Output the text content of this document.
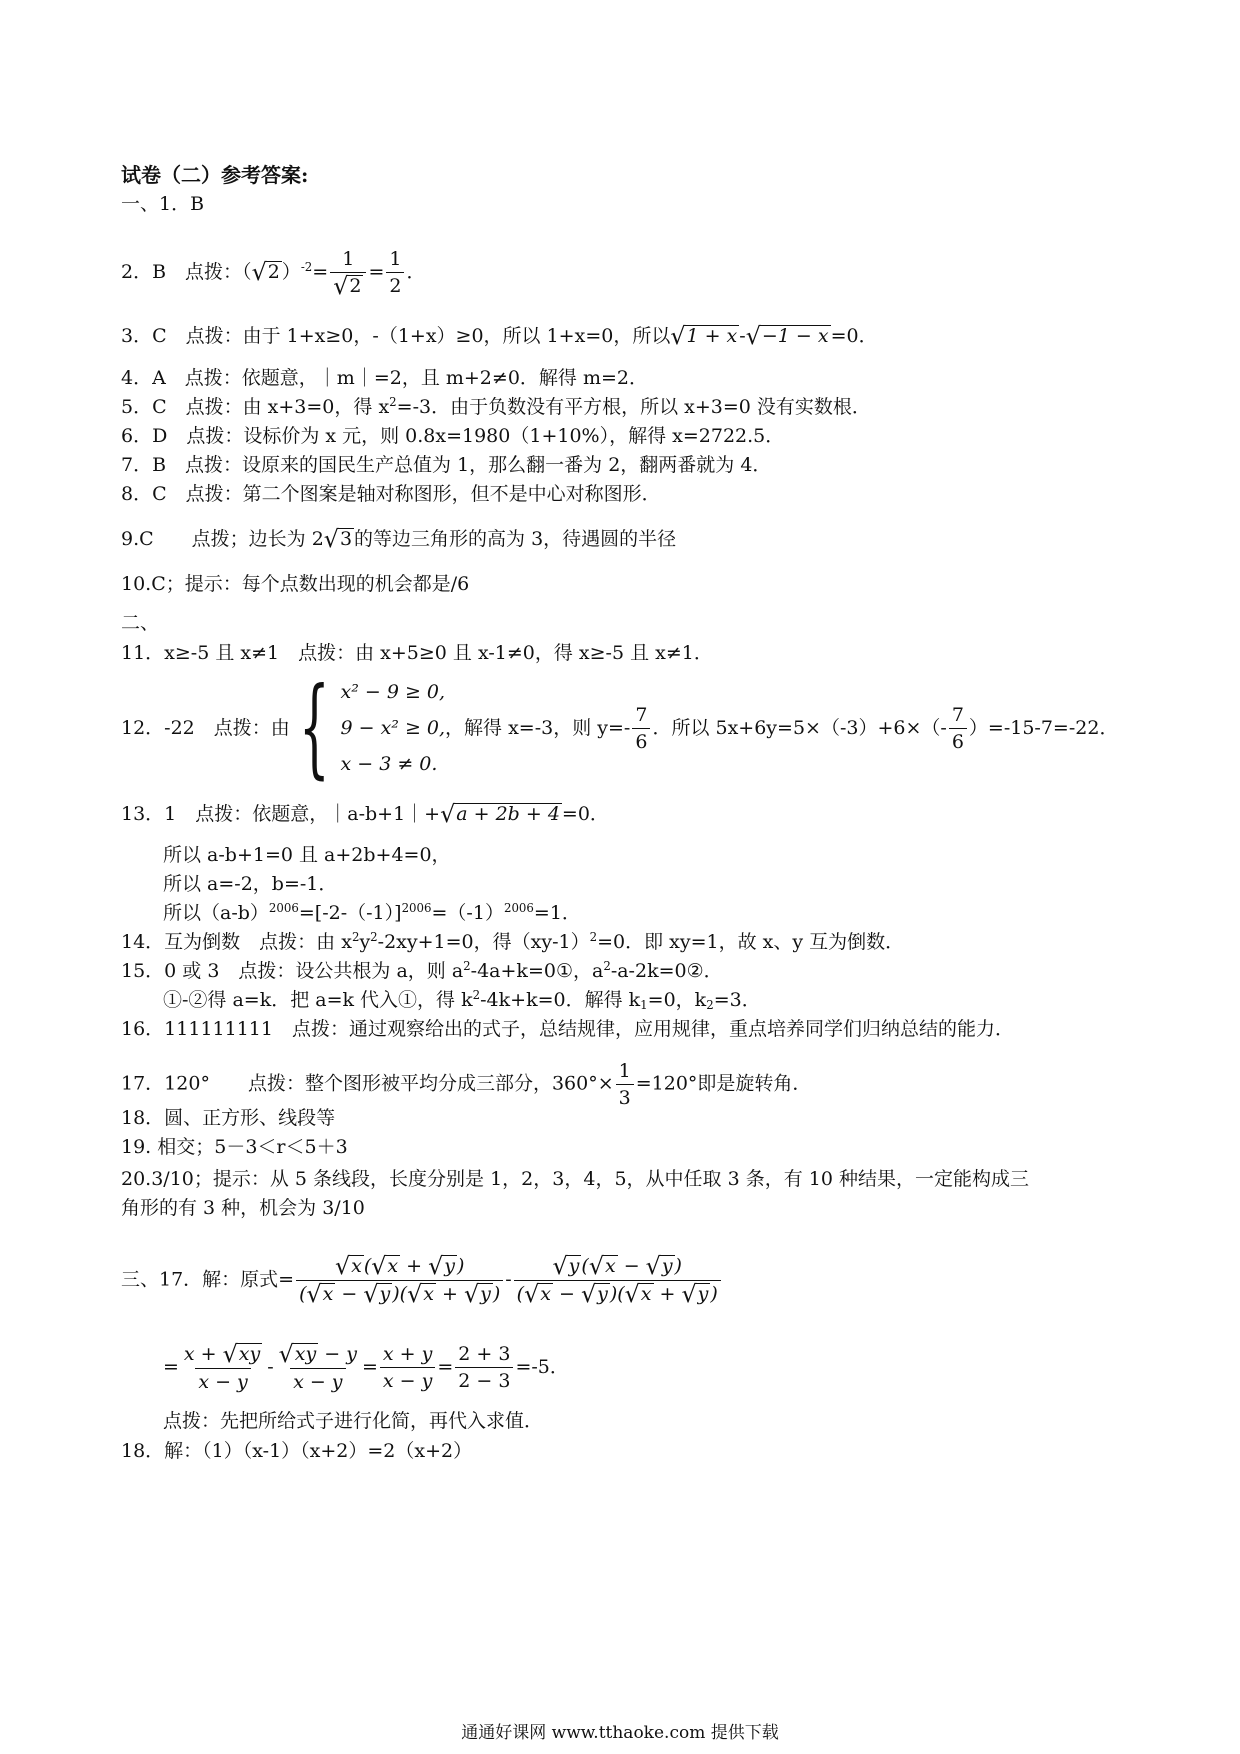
试卷（二）参考答案:
一、1．B
2．B　点拨：（ √ 2 ）$^{-2}= \frac{1}{√ 2} = \frac{1}{2}$ ．
3．C　点拨：由于 1+x≥0，-（1+x）≥0，所以 1+x=0，所以 √ 1 + x - √ −1 − x =0．
4．A　点拨：依题意，｜m｜=2，且 m+2≠0．解得 m=2．
5．C　点拨：由 x+3=0，得 $x^2=-3$．由于负数没有平方根，所以 x+3=0 没有实数根．
6．D　点拨：设标价为 x 元，则 0.8x=1980（1+10%），解得 x=2722.5．
7．B　点拨：设原来的国民生产总值为 1，那么翻一番为 2，翻两番就为 4．
8．C　点拨：第二个图案是轴对称图形，但不是中心对称图形．
9.C　　点拨；边长为 2 √ 3 的等边三角形的高为 3，待遇圆的半径
10.C；提示：每个点数出现的机会都是/6
二、
11．x≥-5 且 x≠1　点拨：由 x+5≥0 且 x-1≠0，得 x≥-5 且 x≠1．
12．-22　点拨：由 { x² − 9 ≥ 0,
9 − x² ≥ 0,
x − 3 ≠ 0.
，解得 x=-3，则 y=-
7
6
．所以 5x+6y=5×（-3）+6×（-
7
6
）=-15-7=-22．
13．1　点拨：依题意，｜a-b+1｜+ √ a + 2b + 4 =0．
所以 a-b+1=0 且 a+2b+4=0，
所以 a=-2，b=-1．
所以$(a-b)^{2006}=[-2-(-1)]^{2006}=(-1)^{2006}=1$．
14．互为倒数　点拨：由 $x^2y^2-2xy+1=0$，得$(xy-1)^2=0$．即 xy=1，故 x、y 互为倒数．
15．0 或 3　点拨：设公共根为 a，则 $a^2-4a+k=0①$，$a^2-a-2k=0②$．
①-②得 a=k．把 a=k 代入①，得 $k^2-4k+k=0$．解得 $k_1=0$，$k_2=3$．
16．111111111　点拨：通过观察给出的式子，总结规律，应用规律，重点培养同学们归纳总结的能力．
17．120°　　点拨：整个图形被平均分成三部分，$360^\circ\times \frac{1}{3} =120^\circ$即是旋转角．
18．圆、正方形、线段等
19. 相交；5－3＜r＜5＋3
20.3/10；提示：从 5 条线段，长度分别是 1，2，3，4，5，从中任取 3 条，有 10 种结果，一定能构成三
角形的有 3 种，机会为 3/10
三、17．解：原式= $\frac{√ x ( √ x + √ y )}{( √ x - √ y )( √ x + √ y )} - \frac{√ y ( √ x - √ y )}{( √ x - √ y )( √ x + √ y )}$
= $\frac{x + √ xy}{x - y} - \frac{√ xy - y}{x - y} = \frac{x + y}{x - y} = \frac{2 + 3}{2 - 3} =-5$．
点拨：先把所给式子进行化简，再代入求值．
18．解：（1）（x-1）（x+2）=2（x+2）
通通好课网 www.tthaoke.com 提供下载
